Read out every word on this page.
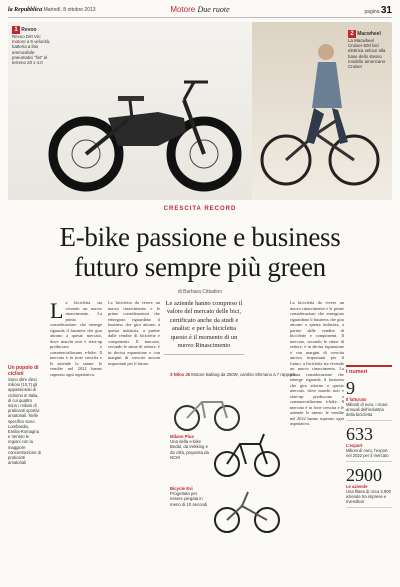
la Repubblica Martedì, 8 ottobre 2013	Motore Due ruote	pagina 31
1 Revoo
Revoo Dirt Vic: motore a 5 velocità, batteria a litio ammovibile: pneumatici "fat" al terreno 20 x 4.0
2 Macwheel
La Macwheel Cruiser-500 bici elettrica veloce alla base dello stesso modello americano Cruiser
CRESCITA RECORD
E-bike passione e business
futuro sempre più green
di Barbara Cittadino
Un popolo di ciclisti
Sono oltre dieci milioni (10,7) gli appassionati di ciclismo in Italia, di cui quattro sono i milioni di praticanti sportivi amatoriali. Nelle specifico sono Lombardia, Emilia-Romagna e Veneto le regioni con la maggiore concentrazione di praticanti amatoriali
L a bicicletta sta vivendo un nuovo rinascimento. La prima considerazione che emerge riguarda il business che gira attorno a questo mercato, dove marchi noti e start-up producono o commercializzano e-bike. Il mercato è in forte crescita e le aziende lo sanno: le vendite nel 2022 hanno superato ogni aspettativa.
La bicicletta da vivere un nuovo rinascimento e le prime considerazioni che emergono riguardano il business che gira attorno a questa industria, a partire dalle vendite di biciclette e componenti. Il mercato, secondo le stime di settore, è in decisa espansione e con margini di crescita ancora importanti per il futuro.
Le aziende hanno compreso il valore del mercato delle bici, certificato anche da studi e analisi: e per la bicicletta questo è il momento di un nuovo Rinascimento
3 Nilox J5 Motore Bafang da 250W, cambio Shimano a 7 rapporti
Milano Plus
Una della e-bike Bedal, da trekking e da città, proposta da NCM
Bicycle Evi
Progettata per essere piegata in meno di 10 secondi
La bicicletta da vivere un nuovo rinascimento e le prime considerazioni che emergono riguardano il business che gira attorno a questa industria, a partire dalle vendite di biciclette e componenti. Il mercato, secondo le stime di settore, è in decisa espansione e con margini di crescita ancora importanti per il futuro. a bicicletta sta vivendo un nuovo rinascimento. La prima considerazione che emerge riguarda il business che gira attorno a questo mercato, dove marchi noti e start-up producono o commercializzano e-bike. Il mercato è in forte crescita e le aziende lo sanno: le vendite nel 2022 hanno superato ogni aspettativa.
I numeri
9
Il fatturato
Miliardi di euro, i ricavi annuali dell'industria della bicicletta
633
L'export
Milioni di euro, l'export nel 2022 per il mercato
2900
Le aziende
Una filiera di circa 2.900 aziende tra imprese e rivenditori
